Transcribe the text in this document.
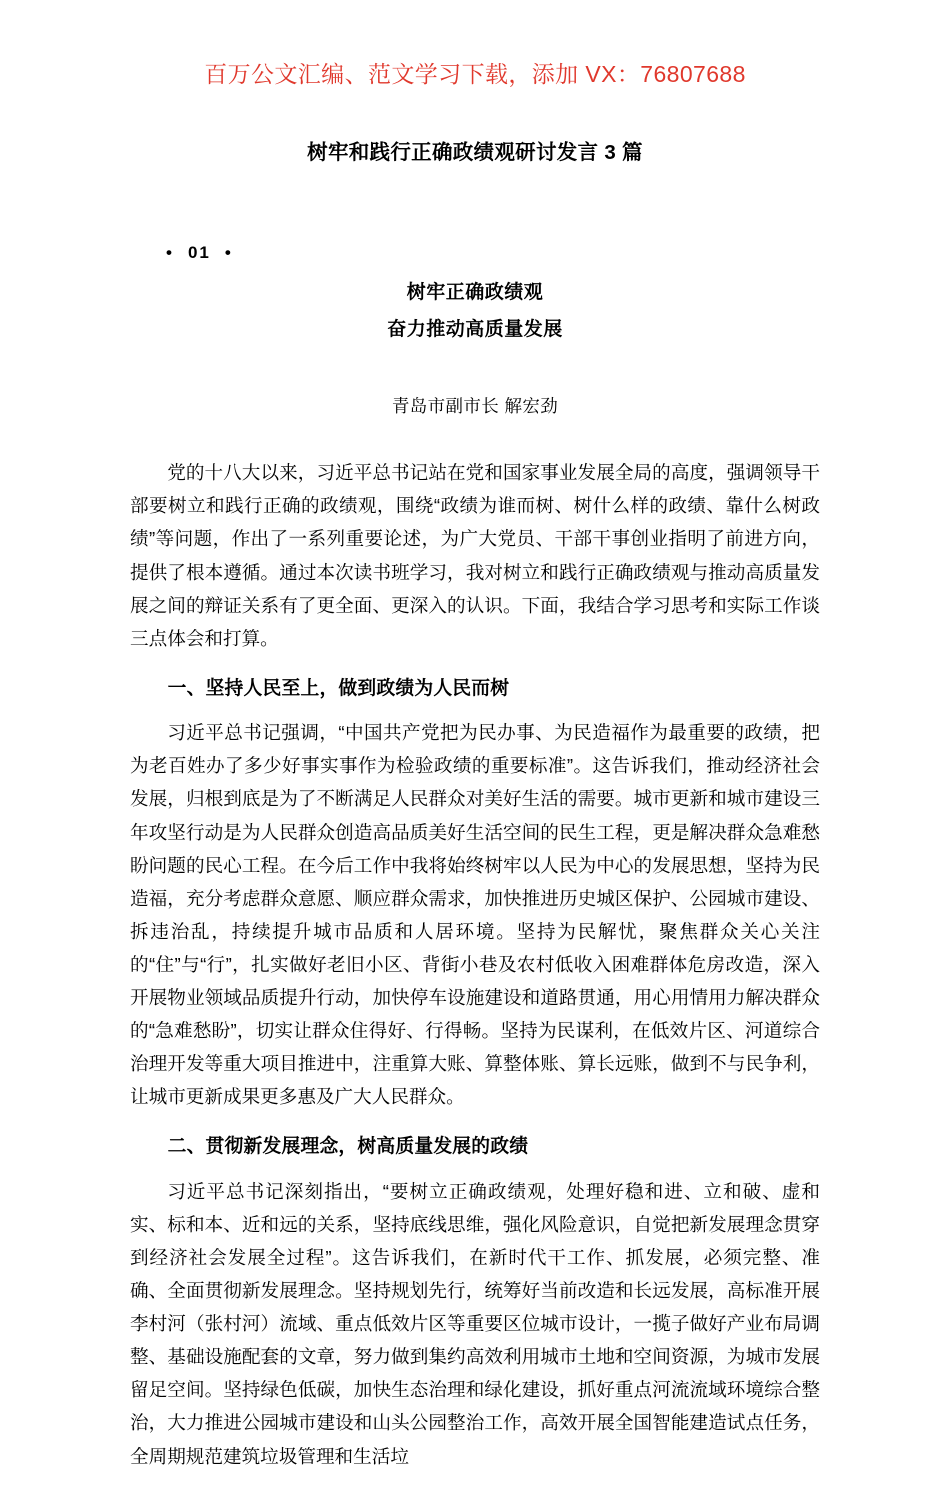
百万公文汇编、范文学习下载，添加 VX：76807688
树牢和践行正确政绩观研讨发言 3 篇
• 01 •
树牢正确政绩观
奋力推动高质量发展
青岛市副市长 解宏劲

党的十八大以来，习近平总书记站在党和国家事业发展全局的高度，强调领导干部要树立和践行正确的政绩观，围绕“政绩为谁而树、树什么样的政绩、靠什么树政绩”等问题，作出了一系列重要论述，为广大党员、干部干事创业指明了前进方向，提供了根本遵循。通过本次读书班学习，我对树立和践行正确政绩观与推动高质量发展之间的辩证关系有了更全面、更深入的认识。下面，我结合学习思考和实际工作谈三点体会和打算。

一、坚持人民至上，做到政绩为人民而树

习近平总书记强调，“中国共产党把为民办事、为民造福作为最重要的政绩，把为老百姓办了多少好事实事作为检验政绩的重要标准”。这告诉我们，推动经济社会发展，归根到底是为了不断满足人民群众对美好生活的需要。城市更新和城市建设三年攻坚行动是为人民群众创造高品质美好生活空间的民生工程，更是解决群众急难愁盼问题的民心工程。在今后工作中我将始终树牢以人民为中心的发展思想，坚持为民造福，充分考虑群众意愿、顺应群众需求，加快推进历史城区保护、公园城市建设、拆违治乱，持续提升城市品质和人居环境。坚持为民解忧，聚焦群众关心关注的“住”与“行”，扎实做好老旧小区、背街小巷及农村低收入困难群体危房改造，深入开展物业领域品质提升行动，加快停车设施建设和道路贯通，用心用情用力解决群众的“急难愁盼”，切实让群众住得好、行得畅。坚持为民谋利，在低效片区、河道综合治理开发等重大项目推进中，注重算大账、算整体账、算长远账，做到不与民争利，让城市更新成果更多惠及广大人民群众。

二、贯彻新发展理念，树高质量发展的政绩

习近平总书记深刻指出，“要树立正确政绩观，处理好稳和进、立和破、虚和实、标和本、近和远的关系，坚持底线思维，强化风险意识，自觉把新发展理念贯穿到经济社会发展全过程”。这告诉我们，在新时代干工作、抓发展，必须完整、准确、全面贯彻新发展理念。坚持规划先行，统筹好当前改造和长远发展，高标准开展李村河（张村河）流域、重点低效片区等重要区位城市设计，一揽子做好产业布局调整、基础设施配套的文章，努力做到集约高效利用城市土地和空间资源，为城市发展留足空间。坚持绿色低碳，加快生态治理和绿化建设，抓好重点河流流域环境综合整治，大力推进公园城市建设和山头公园整治工作，高效开展全国智能建造试点任务，全周期规范建筑垃圾管理和生活垃
